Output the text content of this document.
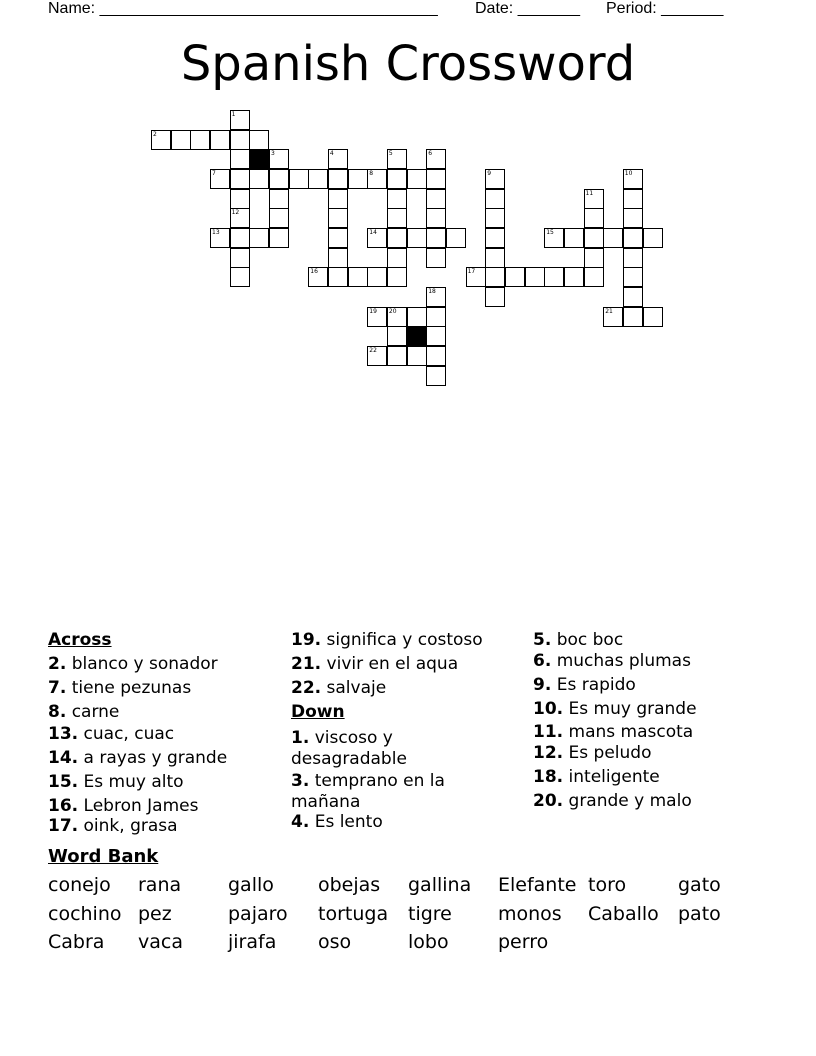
Name: ______________________________________ Date: _______ Period: _______
Spanish Crossword
2
1
12
3	4	5	6
7	8	9	10
11
13	14	15
16	17
18
19 20	21
22
Across
2. blanco y sonador
7. tiene pezunas
8. carne
13. cuac, cuac
14. a rayas y grande
15. Es muy alto
16. Lebron James
17. oink, grasa
19. significa y costoso
21. vivir en el aqua
22. salvaje
Down
1. viscoso y desagradable
3. temprano en la mañana
4. Es lento
5. boc boc
6. muchas plumas
9. Es rapido
10. Es muy grande
11. mans mascota
12. Es peludo
18. inteligente
20. grande y malo
Word Bank
conejo rana gallo obejas gallina Elefante toro	gato
cochino pez	pajaro tortuga tigre monos Caballo pato
Cabra vaca jirafa oso	lobo	perro
